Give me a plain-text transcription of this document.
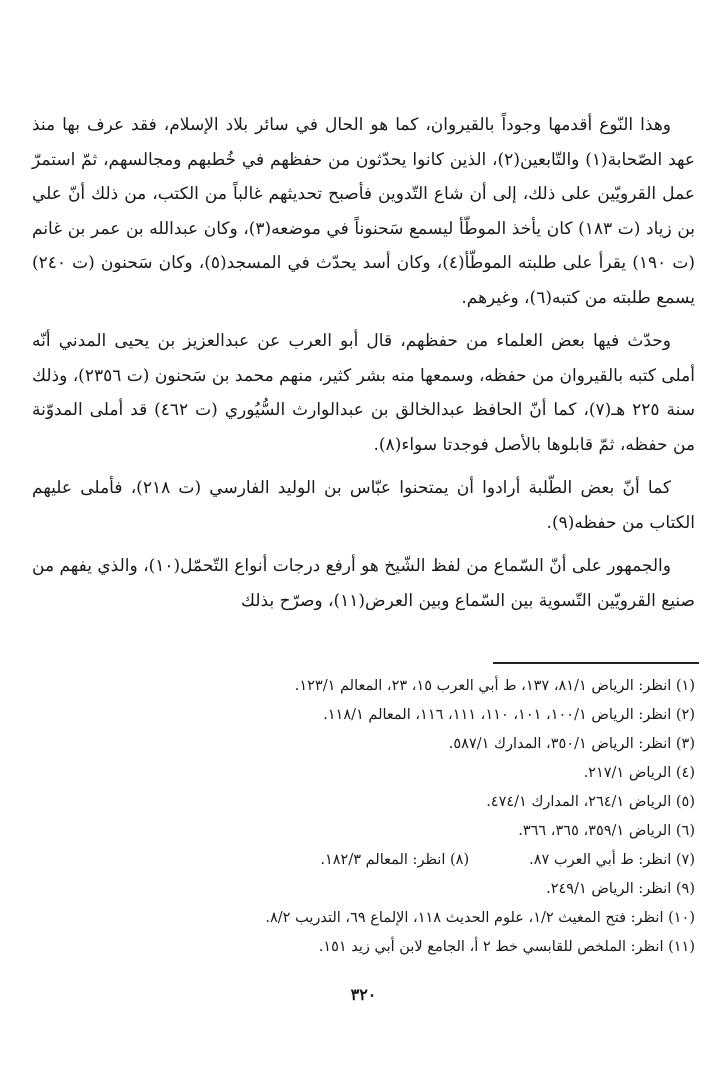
وهذا النّوع أقدمها وجوداً بالقيروان، كما هو الحال في سائر بلاد الإسلام، فقد عرف بها منذ عهد الصّحابة(١) والتّابعين(٢)، الذين كانوا يحدّثون من حفظهم في خُطبهم ومجالسهم، ثمّ استمرّ عمل القرويّين على ذلك، إلى أن شاع التّدوين فأصبح تحديثهم غالباً من الكتب، من ذلك أنّ علي بن زياد (ت ١٨٣) كان يأخذ الموطّأ ليسمع سَحنوناً في موضعه(٣)، وكان عبدالله بن عمر بن غانم (ت ١٩٠) يقرأ على طلبته الموطّأ(٤)، وكان أسد يحدّث في المسجد(٥)، وكان سَحنون (ت ٢٤٠) يسمع طلبته من كتبه(٦)، وغيرهم.

وحدّث فيها بعض العلماء من حفظهم، قال أبو العرب عن عبدالعزيز بن يحيى المدني أنّه أملى كتبه بالقيروان من حفظه، وسمعها منه بشر كثير، منهم محمد بن سَحنون (ت ٢٣٥٦)، وذلك سنة ٢٢٥ هـ(٧)، كما أنّ الحافظ عبدالخالق بن عبدالوارث السُّيُوري (ت ٤٦٢) قد أملى المدوّنة من حفظه، ثمّ قابلوها بالأصل فوجدتا سواء(٨).

كما أنّ بعض الطّلبة أرادوا أن يمتحنوا عبّاس بن الوليد الفارسي (ت ٢١٨)، فأملى عليهم الكتاب من حفظه(٩).

والجمهور على أنّ السّماع من لفظ الشّيخ هو أرفع درجات أنواع التّحمّل(١٠)، والذي يفهم من صنيع القرويّين التّسوية بين السّماع وبين العرض(١١)، وصرّح بذلك

(١) انظر: الرياض ٨١/١، ١٣٧، ط أبي العرب ١٥، ٢٣، المعالم ١٢٣/١.
(٢) انظر: الرياض ١٠٠/١، ١٠١، ١١٠، ١١١، ١١٦، المعالم ١١٨/١.
(٣) انظر: الرياض ٣٥٠/١، المدارك ٥٨٧/١.
(٤) الرياض ٢١٧/١.
(٥) الرياض ٢٦٤/١، المدارك ٤٧٤/١.
(٦) الرياض ٣٥٩/١، ٣٦٥، ٣٦٦.
(٧) انظر: ط أبي العرب ٨٧.
(٨) انظر: المعالم ١٨٢/٣.
(٩) انظر: الرياض ٢٤٩/١.
(١٠) انظر: فتح المغيث ١/٢، علوم الحديث ١١٨، الإلماع ٦٩، التدريب ٨/٢.
(١١) انظر: الملخص للقابسي خط ٢ أ، الجامع لابن أبي زيد ١٥١.
٣٢٠
